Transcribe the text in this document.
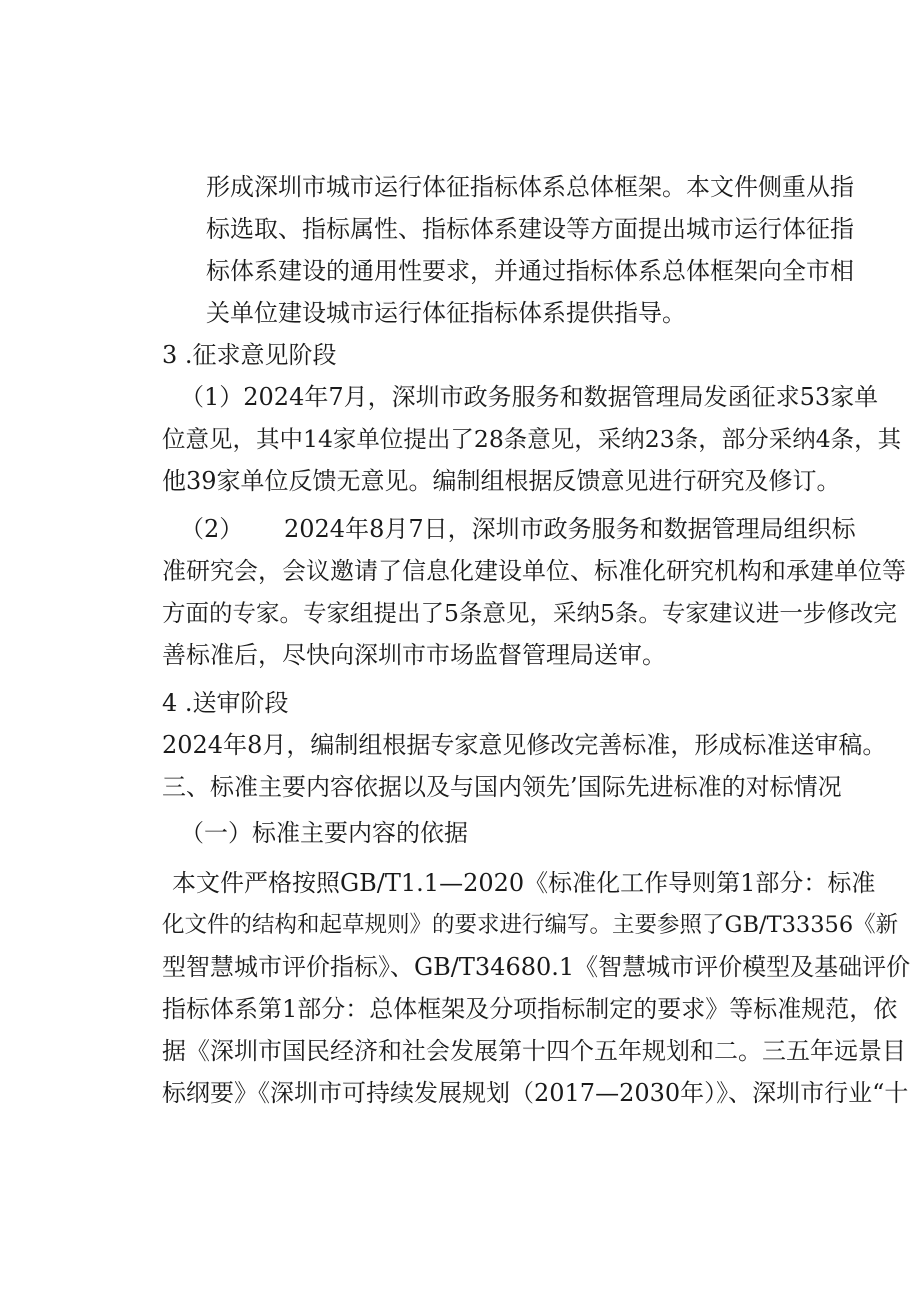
形成深圳市城市运行体征指标体系总体框架。本文件侧重从指
标选取、指标属性、指标体系建设等方面提出城市运行体征指
标体系建设的通用性要求，并通过指标体系总体框架向全市相
关单位建设城市运行体征指标体系提供指导。
3 .征求意见阶段
（1）2024年7月，深圳市政务服务和数据管理局发函征求53家单
位意见，其中14家单位提出了28条意见，采纳23条，部分采纳4条，其
他39家单位反馈无意见。编制组根据反馈意见进行研究及修订。
（2） 2024年8月7日，深圳市政务服务和数据管理局组织标
准研究会，会议邀请了信息化建设单位、标准化研究机构和承建单位等
方面的专家。专家组提出了5条意见，采纳5条。专家建议进一步修改完
善标准后，尽快向深圳市市场监督管理局送审。
4 .送审阶段
2024年8月，编制组根据专家意见修改完善标准，形成标准送审稿。
三、标准主要内容依据以及与国内领先’国际先进标准的对标情况
（一）标准主要内容的依据
本文件严格按照GB/T1.1—2020《标准化工作导则第1部分：标准
化文件的结构和起草规则》的要求进行编写。主要参照了GB/T33356《新
型智慧城市评价指标》、GB/T34680.1《智慧城市评价模型及基础评价
指标体系第1部分：总体框架及分项指标制定的要求》等标准规范，依
据《深圳市国民经济和社会发展第十四个五年规划和二。三五年远景目
标纲要》《深圳市可持续发展规划（2017—2030年）》、深圳市行业“十
